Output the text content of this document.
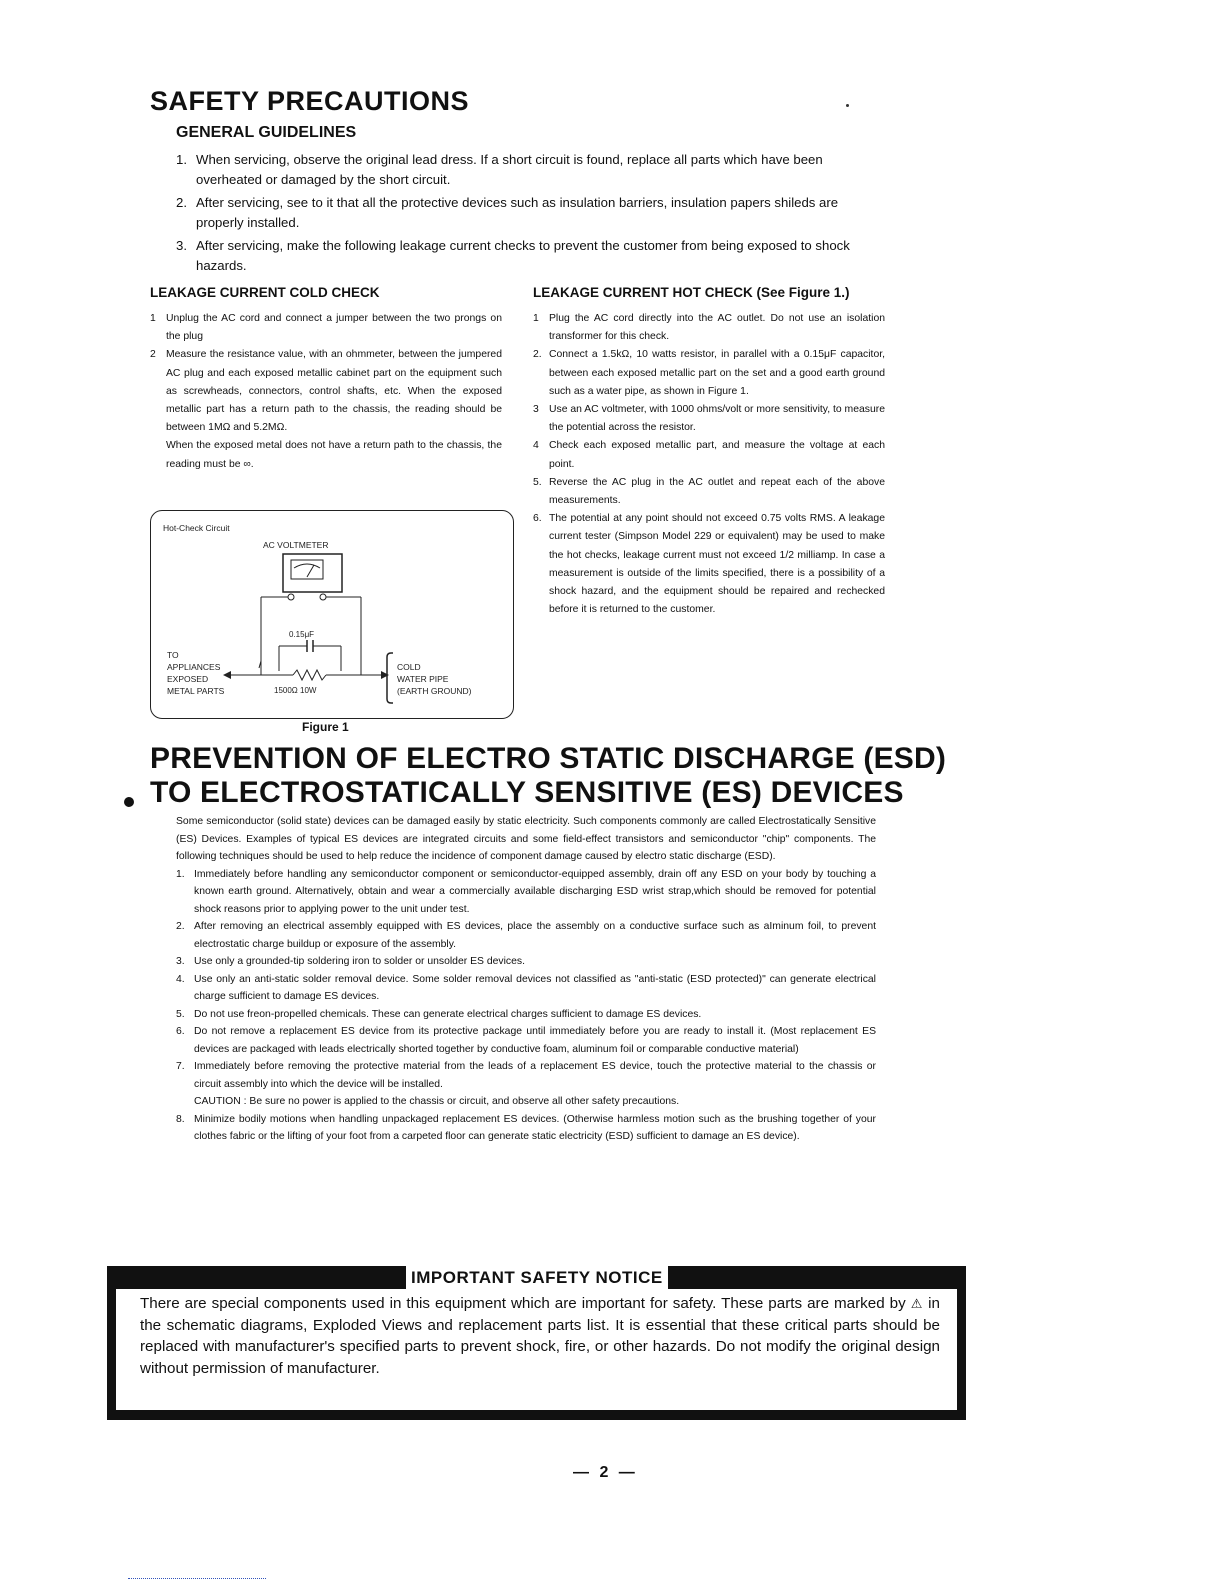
SAFETY PRECAUTIONS
GENERAL GUIDELINES
1. When servicing, observe the original lead dress. If a short circuit is found, replace all parts which have been overheated or damaged by the short circuit.
2. After servicing, see to it that all the protective devices such as insulation barriers, insulation papers shileds are properly installed.
3. After servicing, make the following leakage current checks to prevent the customer from being exposed to shock hazards.
LEAKAGE CURRENT COLD CHECK
1 Unplug the AC cord and connect a jumper between the two prongs on the plug
2 Measure the resistance value, with an ohmmeter, between the jumpered AC plug and each exposed metallic cabinet part on the equipment such as screwheads, connectors, control shafts, etc. When the exposed metallic part has a return path to the chassis, the reading should be between 1MΩ and 5.2MΩ.

When the exposed metal does not have a return path to the chassis, the reading must be ∞.

Hot-Check Circuit
AC VOLTMETER
0.15μF
1500Ω 10W
TO
APPLIANCES
EXPOSED
METAL PARTS
COLD
WATER PIPE
(EARTH GROUND)
Figure 1
LEAKAGE CURRENT HOT CHECK (See Figure 1.)
1 Plug the AC cord directly into the AC outlet. Do not use an isolation transformer for this check.
2. Connect a 1.5kΩ, 10 watts resistor, in parallel with a 0.15μF capacitor, between each exposed metallic part on the set and a good earth ground such as a water pipe, as shown in Figure 1.
3 Use an AC voltmeter, with 1000 ohms/volt or more sensitivity, to measure the potential across the resistor.
4 Check each exposed metallic part, and measure the voltage at each point.
5. Reverse the AC plug in the AC outlet and repeat each of the above measurements.
6. The potential at any point should not exceed 0.75 volts RMS. A leakage current tester (Simpson Model 229 or equivalent) may be used to make the hot checks, leakage current must not exceed 1/2 milliamp. In case a measurement is outside of the limits specified, there is a possibility of a shock hazard, and the equipment should be repaired and rechecked before it is returned to the customer.
PREVENTION OF ELECTRO STATIC DISCHARGE (ESD)
TO ELECTROSTATICALLY SENSITIVE (ES) DEVICES

Some semiconductor (solid state) devices can be damaged easily by static electricity. Such components commonly are called Electrostatically Sensitive (ES) Devices. Examples of typical ES devices are integrated circuits and some field-effect transistors and semiconductor "chip" components. The following techniques should be used to help reduce the incidence of component damage caused by electro static discharge (ESD).

1. Immediately before handling any semiconductor component or semiconductor-equipped assembly, drain off any ESD on your body by touching a known earth ground. Alternatively, obtain and wear a commercially available discharging ESD wrist strap,which should be removed for potential shock reasons prior to applying power to the unit under test.
2. After removing an electrical assembly equipped with ES devices, place the assembly on a conductive surface such as aIminum foil, to prevent electrostatic charge buildup or exposure of the assembly.
3. Use only a grounded-tip soldering iron to solder or unsolder ES devices.
4. Use only an anti-static solder removal device. Some solder removal devices not classified as "anti-static (ESD protected)" can generate electrical charge sufficient to damage ES devices.
5. Do not use freon-propelled chemicals. These can generate electrical charges sufficient to damage ES devices.
6. Do not remove a replacement ES device from its protective package until immediately before you are ready to install it. (Most replacement ES devices are packaged with leads electrically shorted together by conductive foam, aluminum foil or comparable conductive material)
7. Immediately before removing the protective material from the leads of a replacement ES device, touch the protective material to the chassis or circuit assembly into which the device will be installed.
CAUTION : Be sure no power is applied to the chassis or circuit, and observe all other safety precautions.
8. Minimize bodily motions when handling unpackaged replacement ES devices. (Otherwise harmless motion such as the brushing together of your clothes fabric or the lifting of your foot from a carpeted floor can generate static electricity (ESD) sufficient to damage an ES device).
IMPORTANT SAFETY NOTICE

There are special components used in this equipment which are important for safety. These parts are marked by ⚠ in the schematic diagrams, Exploded Views and replacement parts list. It is essential that these critical parts should be replaced with manufacturer's specified parts to prevent shock, fire, or other hazards. Do not modify the original design without permission of manufacturer.

— 2 —
